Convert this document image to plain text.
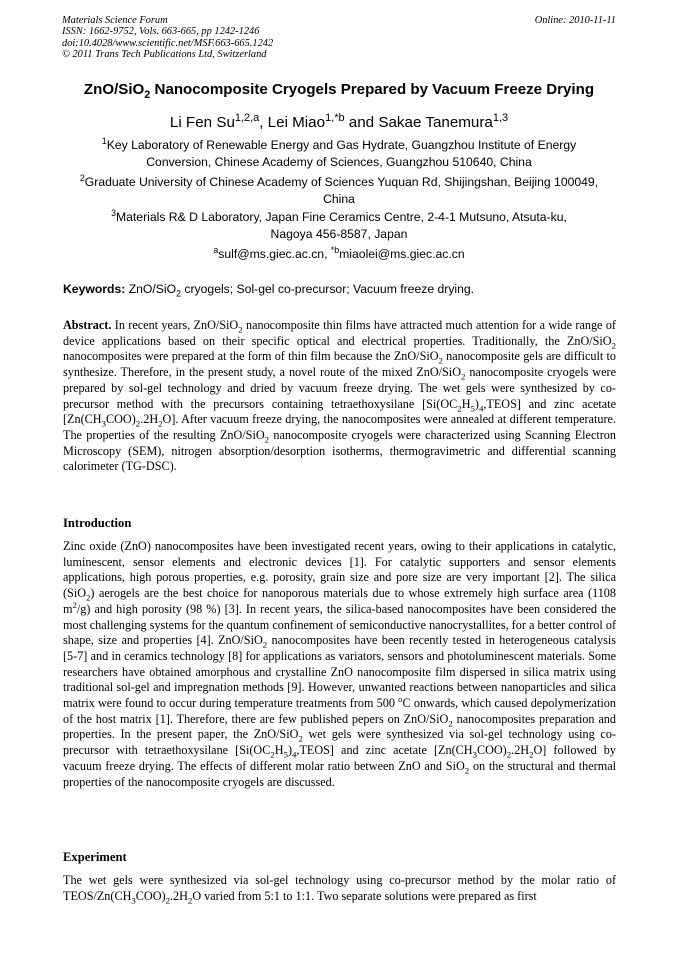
Materials Science Forum
ISSN: 1662-9752, Vols. 663-665, pp 1242-1246
doi:10.4028/www.scientific.net/MSF.663-665.1242
© 2011 Trans Tech Publications Ltd, Switzerland
Online: 2010-11-11
ZnO/SiO$_2$ Nanocomposite Cryogels Prepared by Vacuum Freeze Drying
Li Fen Su$^{1,2,a}$, Lei Miao$^{1,*b}$ and Sakae Tanemura$^{1,3}$
$^1$Key Laboratory of Renewable Energy and Gas Hydrate, Guangzhou Institute of Energy
Conversion, Chinese Academy of Sciences, Guangzhou 510640, China
$^2$Graduate University of Chinese Academy of Sciences Yuquan Rd, Shijingshan, Beijing 100049,
China
$^3$Materials R& D Laboratory, Japan Fine Ceramics Centre, 2-4-1 Mutsuno, Atsuta-ku,
Nagoya 456-8587, Japan
$^a$sulf@ms.giec.ac.cn, $^{*b}$miaolei@ms.giec.ac.cn
Keywords: ZnO/SiO$_2$ cryogels; Sol-gel co-precursor; Vacuum freeze drying.
Abstract. In recent years, ZnO/SiO$_2$ nanocomposite thin films have attracted much attention for a wide range of device applications based on their specific optical and electrical properties. Traditionally, the ZnO/SiO$_2$ nanocomposites were prepared at the form of thin film because the ZnO/SiO$_2$ nanocomposite gels are difficult to synthesize. Therefore, in the present study, a novel route of the mixed ZnO/SiO$_2$ nanocomposite cryogels were prepared by sol-gel technology and dried by vacuum freeze drying. The wet gels were synthesized by co-precursor method with the precursors containing tetraethoxysilane $[Si(OC_2H_5)_4,TEOS]$ and zinc acetate $[Zn(CH_3COO)_2.2H_2O]$. After vacuum freeze drying, the nanocomposites were annealed at different temperature. The properties of the resulting ZnO/SiO$_2$ nanocomposite cryogels were characterized using Scanning Electron Microscopy (SEM), nitrogen absorption/desorption isotherms, thermogravimetric and differential scanning calorimeter (TG-DSC).
Introduction
Zinc oxide (ZnO) nanocomposites have been investigated recent years, owing to their applications in catalytic, luminescent, sensor elements and electronic devices [1]. For catalytic supporters and sensor elements applications, high porous properties, e.g. porosity, grain size and pore size are very important [2]. The silica (SiO$_2$) aerogels are the best choice for nanoporous materials due to whose extremely high surface area (1108 $m^2/g$) and high porosity (98 %) [3]. In recent years, the silica-based nanocomposites have been considered the most challenging systems for the quantum confinement of semiconductive nanocrystallites, for a better control of shape, size and properties [4]. ZnO/SiO$_2$ nanocomposites have been recently tested in heterogeneous catalysis [5-7] and in ceramics technology [8] for applications as variators, sensors and photoluminescent materials. Some researchers have obtained amorphous and crystalline ZnO nanocomposite film dispersed in silica matrix using traditional sol-gel and impregnation methods [9]. However, unwanted reactions between nanoparticles and silica matrix were found to occur during temperature treatments from 500 $^o$C onwards, which caused depolymerization of the host matrix [1]. Therefore, there are few published pepers on ZnO/SiO$_2$ nanocomposites preparation and properties. In the present paper, the ZnO/SiO$_2$ wet gels were synthesized via sol-gel technology using co-precursor with tetraethoxysilane $[Si(OC_2H_5)_4,TEOS]$ and zinc acetate $[Zn(CH_3COO)_2.2H_2O]$ followed by vacuum freeze drying. The effects of different molar ratio between ZnO and SiO$_2$ on the structural and thermal properties of the nanocomposite cryogels are discussed.
Experiment
The wet gels were synthesized via sol-gel technology using co-precursor method by the molar ratio of TEOS/$Zn(CH_3COO)_2.2H_2O$ varied from 5:1 to 1:1. Two separate solutions were prepared as first
